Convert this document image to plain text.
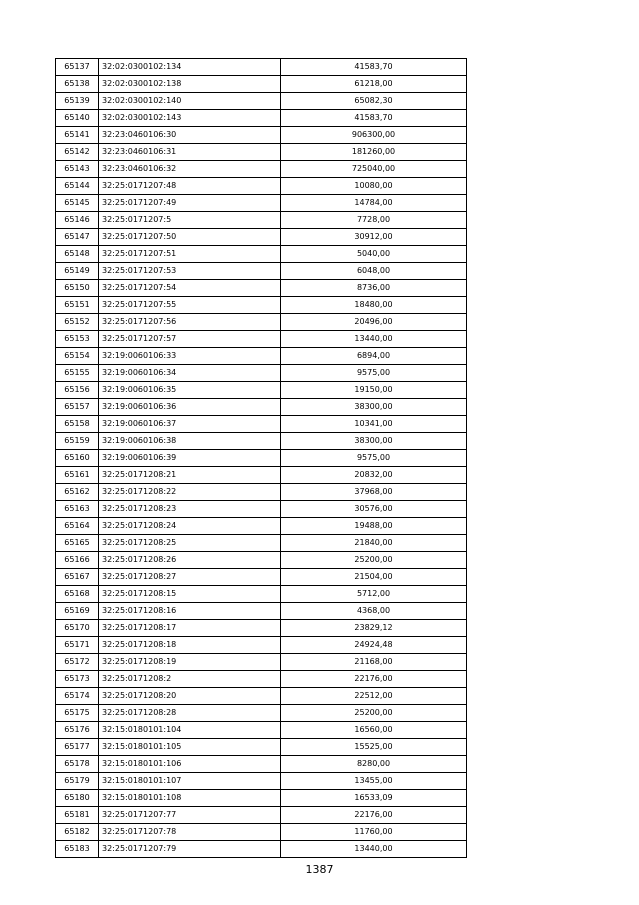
65137	32:02:0300102:134	41583,70
65138	32:02:0300102:138	61218,00
65139	32:02:0300102:140	65082,30
65140	32:02:0300102:143	41583,70
65141	32:23:0460106:30	906300,00
65142	32:23:0460106:31	181260,00
65143	32:23:0460106:32	725040,00
65144	32:25:0171207:48	10080,00
65145	32:25:0171207:49	14784,00
65146	32:25:0171207:5	7728,00
65147	32:25:0171207:50	30912,00
65148	32:25:0171207:51	5040,00
65149	32:25:0171207:53	6048,00
65150	32:25:0171207:54	8736,00
65151	32:25:0171207:55	18480,00
65152	32:25:0171207:56	20496,00
65153	32:25:0171207:57	13440,00
65154	32:19:0060106:33	6894,00
65155	32:19:0060106:34	9575,00
65156	32:19:0060106:35	19150,00
65157	32:19:0060106:36	38300,00
65158	32:19:0060106:37	10341,00
65159	32:19:0060106:38	38300,00
65160	32:19:0060106:39	9575,00
65161	32:25:0171208:21	20832,00
65162	32:25:0171208:22	37968,00
65163	32:25:0171208:23	30576,00
65164	32:25:0171208:24	19488,00
65165	32:25:0171208:25	21840,00
65166	32:25:0171208:26	25200,00
65167	32:25:0171208:27	21504,00
65168	32:25:0171208:15	5712,00
65169	32:25:0171208:16	4368,00
65170	32:25:0171208:17	23829,12
65171	32:25:0171208:18	24924,48
65172	32:25:0171208:19	21168,00
65173	32:25:0171208:2	22176,00
65174	32:25:0171208:20	22512,00
65175	32:25:0171208:28	25200,00
65176	32:15:0180101:104	16560,00
65177	32:15:0180101:105	15525,00
65178	32:15:0180101:106	8280,00
65179	32:15:0180101:107	13455,00
65180	32:15:0180101:108	16533,09
65181	32:25:0171207:77	22176,00
65182	32:25:0171207:78	11760,00
65183	32:25:0171207:79	13440,00
1387
